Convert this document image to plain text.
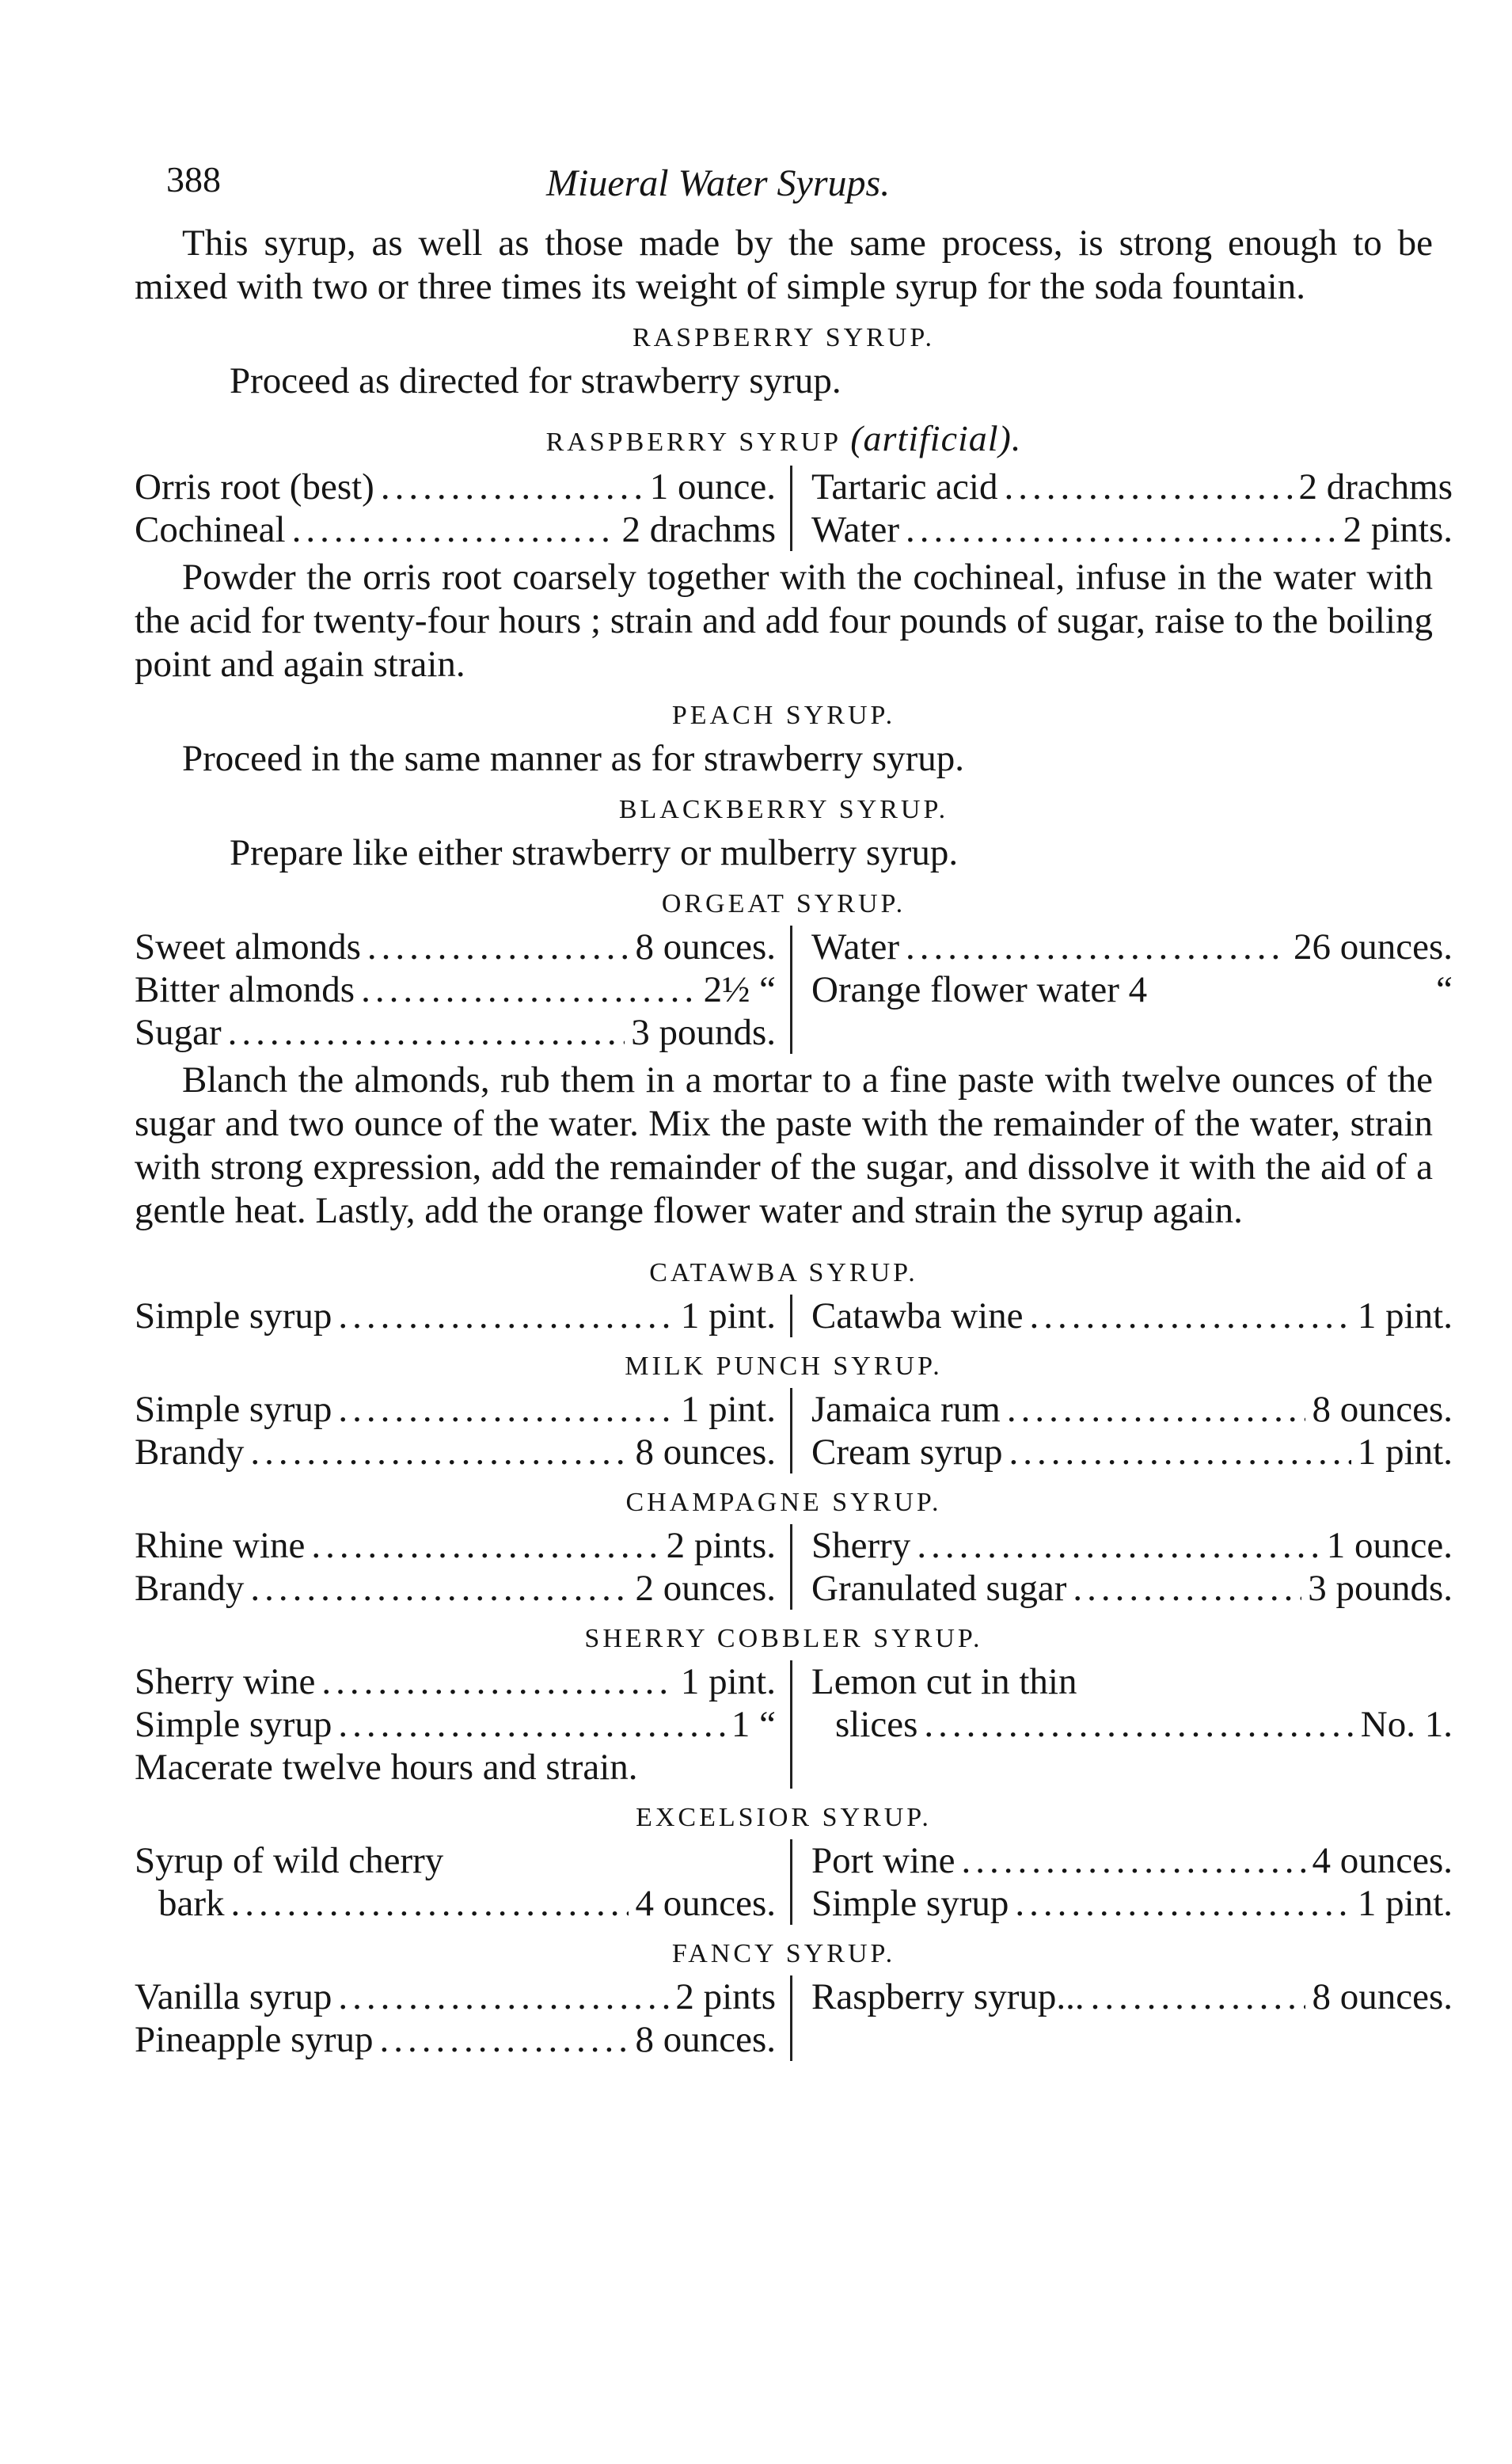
388	Miueral Water Syrups.

This syrup, as well as those made by the same process, is strong enough to be mixed with two or three times its weight of simple syrup for the soda fountain.

RASPBERRY SYRUP.

Proceed as directed for strawberry syrup.

RASPBERRY SYRUP (artificial).
Orris root (best) .....	1 ounce.
Cochineal .....	2 drachms
Tartaric acid .....	2 drachms
Water .....	2 pints.

Powder the orris root coarsely together with the cochineal, infuse in the water with the acid for twenty-four hours ; strain and add four pounds of sugar, raise to the boiling point and again strain.

PEACH SYRUP.

Proceed in the same manner as for strawberry syrup.

BLACKBERRY SYRUP.

Prepare like either strawberry or mulberry syrup.

ORGEAT SYRUP.
Sweet almonds .....	8 ounces.
Bitter almonds .....	2½ “
Sugar .....	3 pounds.
Water .....	26 ounces.
Orange flower water 4	“

Blanch the almonds, rub them in a mortar to a fine paste with twelve ounces of the sugar and two ounce of the water. Mix the paste with the remainder of the water, strain with strong expression, add the remainder of the sugar, and dissolve it with the aid of a gentle heat. Lastly, add the orange flower water and strain the syrup again.

CATAWBA SYRUP.
Simple syrup .....	1 pint. Catawba wine .....	1 pint.
MILK PUNCH SYRUP.
Simple syrup .....	1 pint.
Brandy .....	8 ounces.
Jamaica rum .....	8 ounces.
Cream syrup .....	1 pint.
CHAMPAGNE SYRUP.
Rhine wine .....	2 pints.
Brandy .....	2 ounces.
Sherry .....	1 ounce.
Granulated sugar .....	3 pounds.
SHERRY COBBLER SYRUP.
Sherry wine .....	1 pint.
Simple syrup .....	1 “
Macerate twelve hours and strain.
Lemon cut in thin
slices .....	No. 1.
EXCELSIOR SYRUP.
Syrup of wild cherry
bark .....	4 ounces.
Port wine .....	4 ounces.
Simple syrup .....	1 pint.
FANCY SYRUP.
Vanilla syrup .....	2 pints
Pineapple syrup .....	8 ounces.
Raspberry syrup... .....	8 ounces.
